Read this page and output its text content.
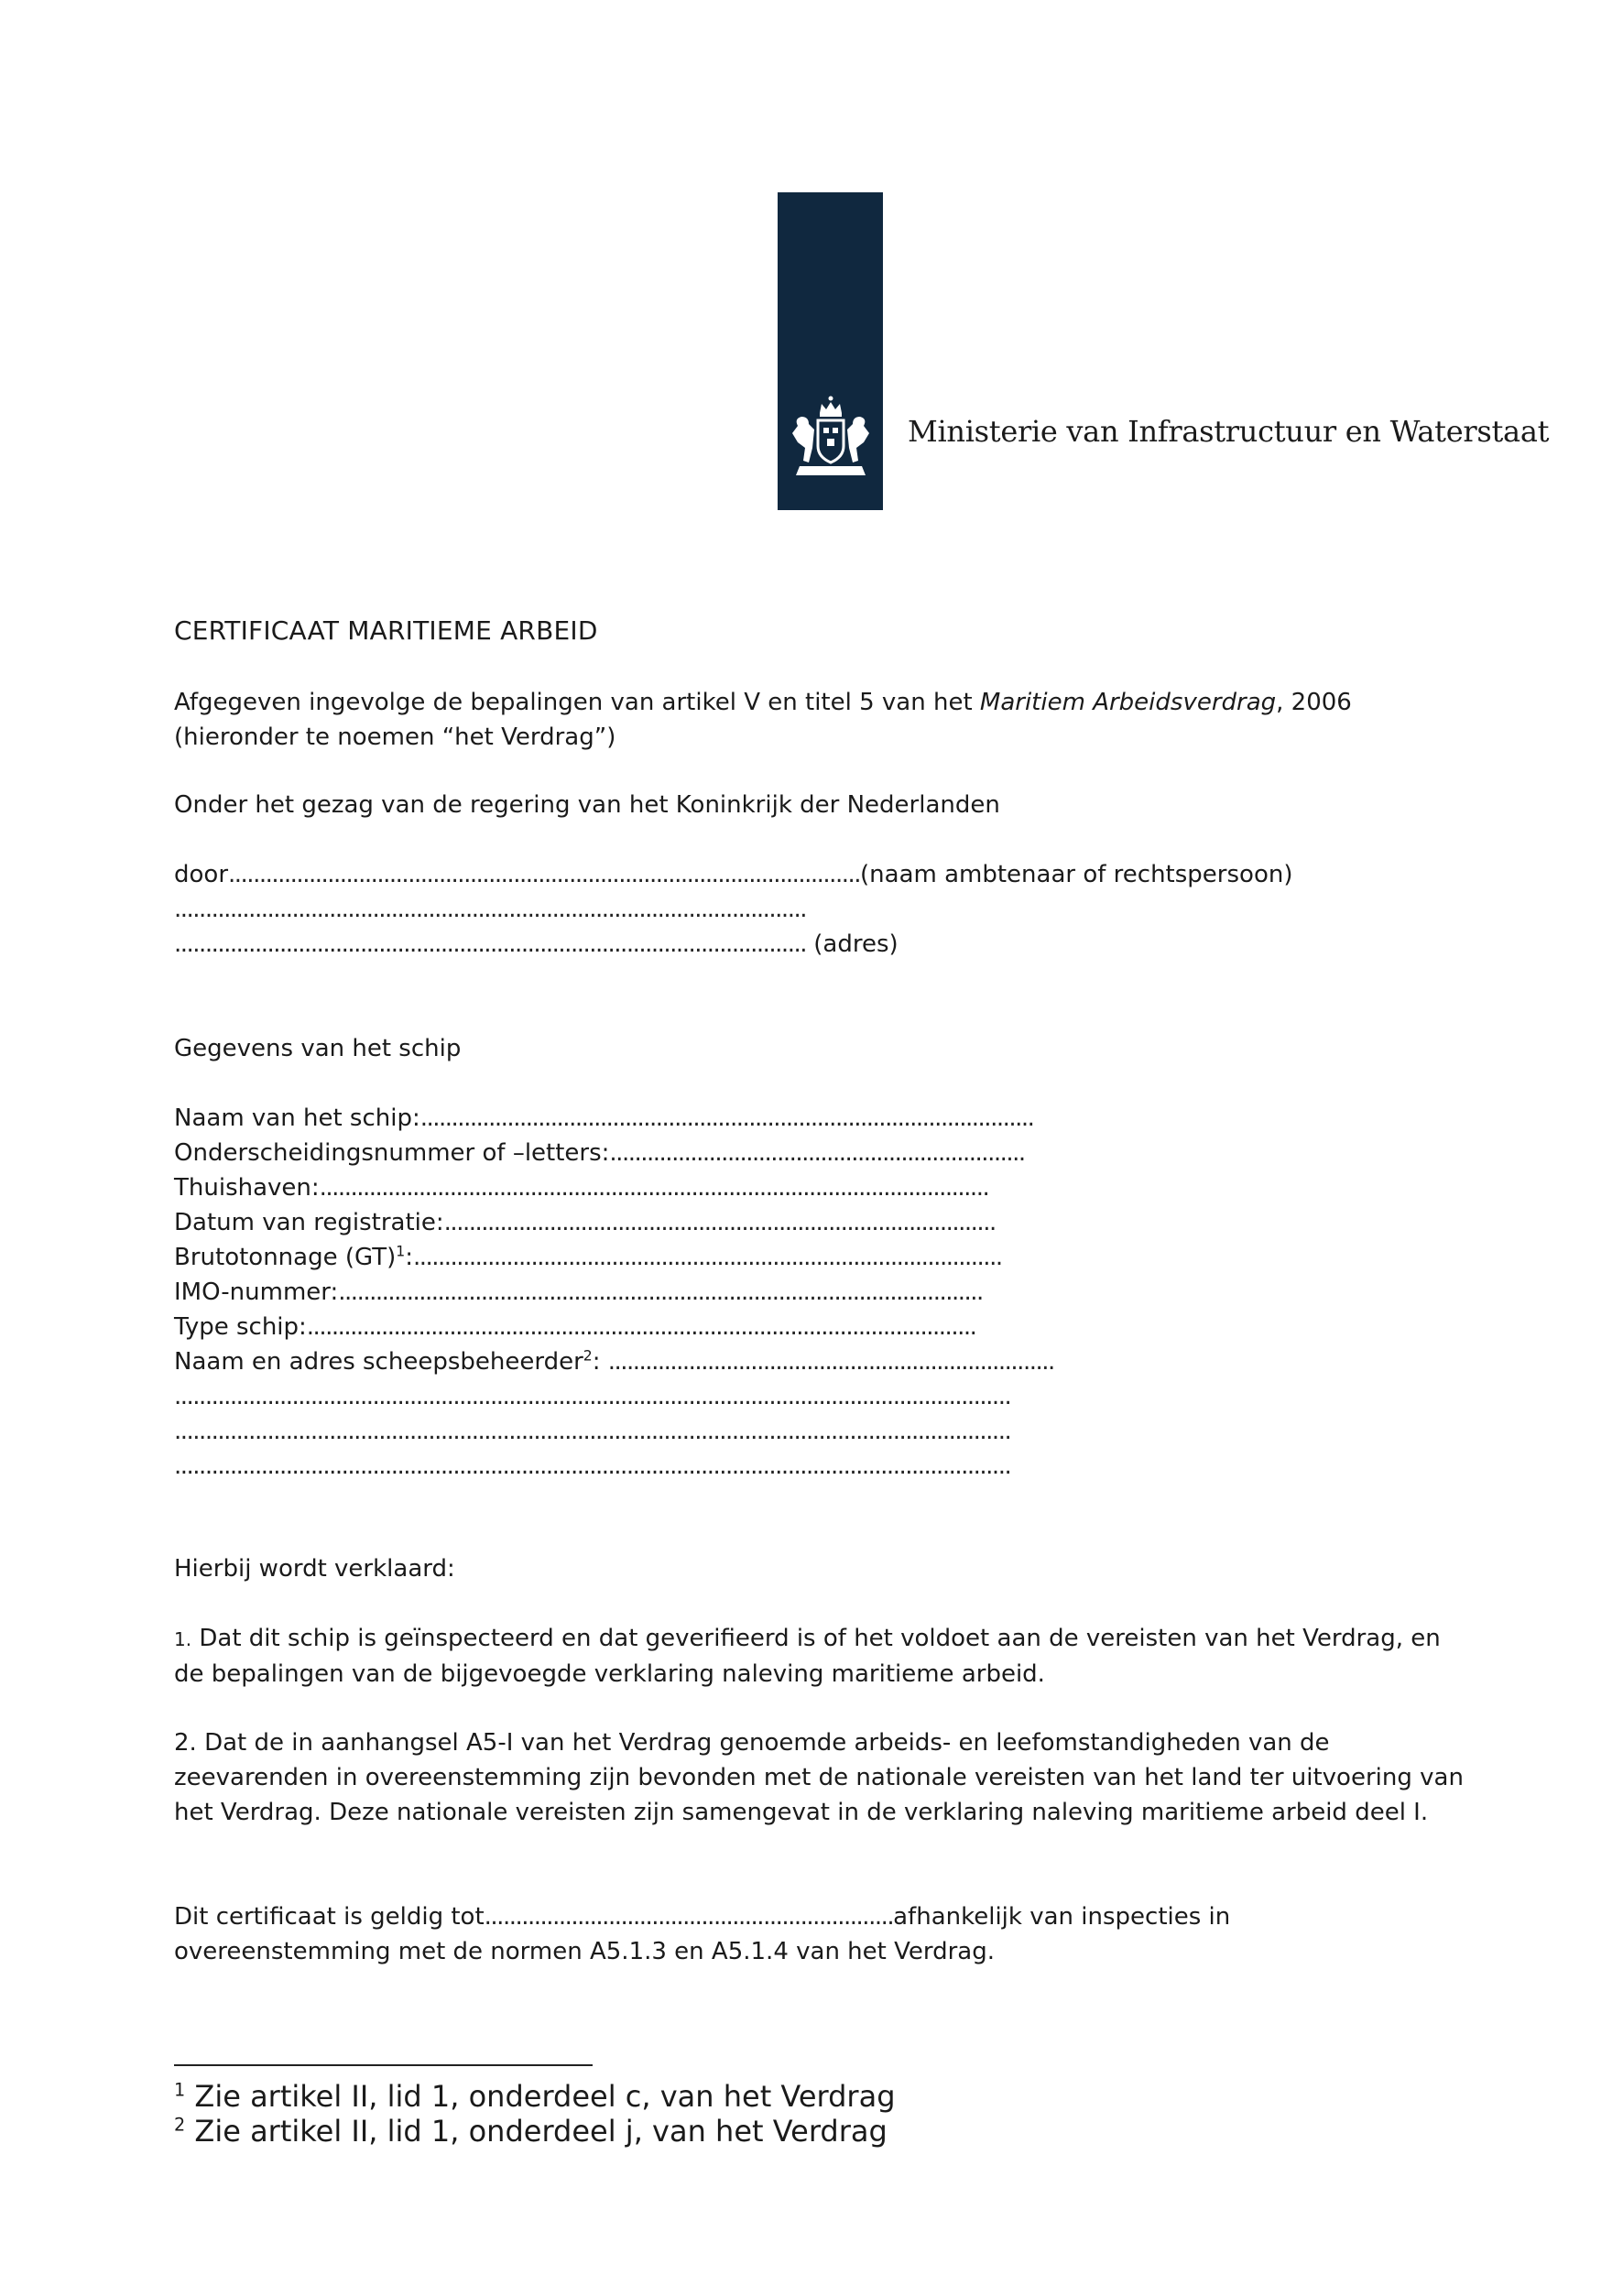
Ministerie van Infrastructuur en Waterstaat
CERTIFICAAT MARITIEME ARBEID
Afgegeven ingevolge de bepalingen van artikel V en titel 5 van het Maritiem Arbeidsverdrag, 2006
(hieronder te noemen “het Verdrag”)
Onder het gezag van de regering van het Koninkrijk der Nederlanden
door......................................................................................................(naam ambtenaar of rechtspersoon)
......................................................................................................
...................................................................................................... (adres)
Gegevens van het schip
Naam van het schip:...................................................................................................
Onderscheidingsnummer of –letters:...................................................................
Thuishaven:............................................................................................................
Datum van registratie:.........................................................................................
Brutotonnage (GT)$^1$:...............................................................................................
IMO-nummer:........................................................................................................
Type schip:............................................................................................................
Naam en adres scheepsbeheerder$^2$: ........................................................................
.......................................................................................................................................
.......................................................................................................................................
.......................................................................................................................................
Hierbij wordt verklaard:
1. Dat dit schip is geïnspecteerd en dat geverifieerd is of het voldoet aan de vereisten van het Verdrag, en de bepalingen van de bijgevoegde verklaring naleving maritieme arbeid.
2. Dat de in aanhangsel A5-I van het Verdrag genoemde arbeids- en leefomstandigheden van de zeevarenden in overeenstemming zijn bevonden met de nationale vereisten van het land ter uitvoering van het Verdrag. Deze nationale vereisten zijn samengevat in de verklaring naleving maritieme arbeid deel I.
Dit certificaat is geldig tot..................................................................afhankelijk van inspecties in
overeenstemming met de normen A5.1.3 en A5.1.4 van het Verdrag.
$^1$ Zie artikel II, lid 1, onderdeel c, van het Verdrag
$^2$ Zie artikel II, lid 1, onderdeel j, van het Verdrag
